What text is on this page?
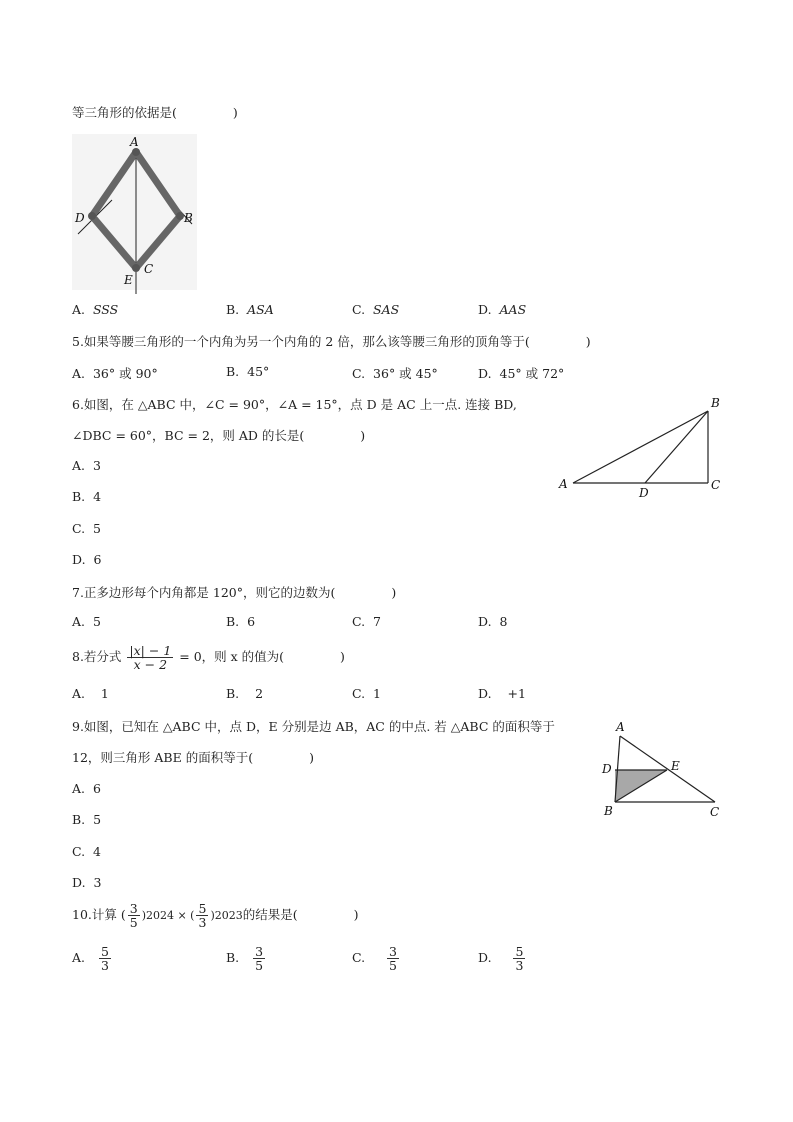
等三角形的依据是(	)
A
B
C
D
E
A. SSS	B. ASA	C. SAS	D. AAS
5.如果等腰三角形的一个内角为另一个内角的 2 倍，那么该等腰三角形的顶角等于(	)
A. 36° 或 90°	B. 45°	C. 36° 或 45°	D. 45° 或 72°
6.如图，在 △ABC 中，∠C = 90°，∠A = 15°，点 D 是 AC 上一点. 连接 BD,
∠DBC = 60°，BC = 2，则 AD 的长是(	)
A
B
C
D
A. 3
B. 4
C. 5
D. 6
7.正多边形每个内角都是 120°，则它的边数为(	)
A. 5	B. 6	C. 7	D. 8
8.若分式 $\frac{|x| - 1}{x - 2} = 0$，则 x 的值为(	)
A. 1	B. 2	C. 1	D. +1
9.如图，已知在 △ABC 中，点 D，E 分别是边 AB，AC 的中点. 若 △ABC 的面积等于
12，则三角形 ABE 的面积等于(	)
A
B	C
D	E
A. 6
B. 5
C. 4
D. 3
10.计算 ( $\frac{3}{5} )2024$ × ( $\frac{5}{3} )2023$的结果是(	)
A. $\frac{5}{3}$	B. $\frac{3}{5}$	C. $\frac{3}{5}$	D. $\frac{5}{3}$
